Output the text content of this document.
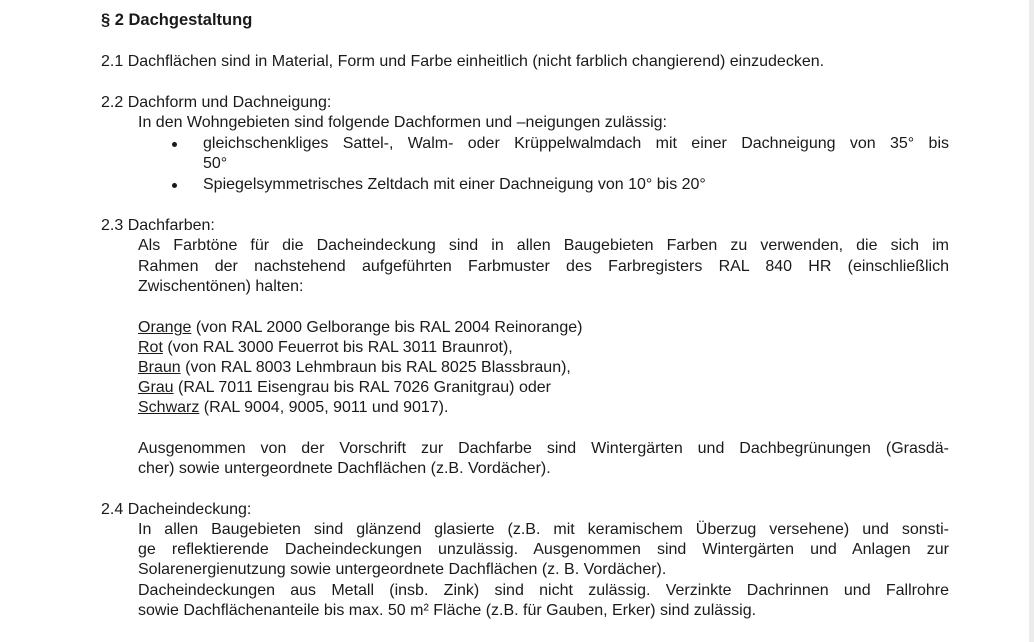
§ 2 Dachgestaltung
2.1 Dachflächen sind in Material, Form und Farbe einheitlich (nicht farblich changierend) einzudecken.
2.2 Dachform und Dachneigung:
In den Wohngebieten sind folgende Dachformen und –neigungen zulässig:
gleichschenkliges Sattel-, Walm- oder Krüppelwalmdach mit einer Dachneigung von 35° bis
50°
Spiegelsymmetrisches Zeltdach mit einer Dachneigung von 10° bis 20°
2.3 Dachfarben:
Als Farbtöne für die Dacheindeckung sind in allen Baugebieten Farben zu verwenden, die sich im
Rahmen der nachstehend aufgeführten Farbmuster des Farbregisters RAL 840 HR (einschließlich
Zwischentönen) halten:
Orange (von RAL 2000 Gelborange bis RAL 2004 Reinorange)
Rot (von RAL 3000 Feuerrot bis RAL 3011 Braunrot),
Braun (von RAL 8003 Lehmbraun bis RAL 8025 Blassbraun),
Grau (RAL 7011 Eisengrau bis RAL 7026 Granitgrau) oder
Schwarz (RAL 9004, 9005, 9011 und 9017).
Ausgenommen von der Vorschrift zur Dachfarbe sind Wintergärten und Dachbegrünungen (Grasdä-
cher) sowie untergeordnete Dachflächen (z.B. Vordächer).
2.4 Dacheindeckung:
In allen Baugebieten sind glänzend glasierte (z.B. mit keramischem Überzug versehene) und sonsti-
ge reflektierende Dacheindeckungen unzulässig. Ausgenommen sind Wintergärten und Anlagen zur
Solarenergienutzung sowie untergeordnete Dachflächen (z. B. Vordächer).
Dacheindeckungen aus Metall (insb. Zink) sind nicht zulässig. Verzinkte Dachrinnen und Fallrohre
sowie Dachflächenanteile bis max. 50 m² Fläche (z.B. für Gauben, Erker) sind zulässig.
